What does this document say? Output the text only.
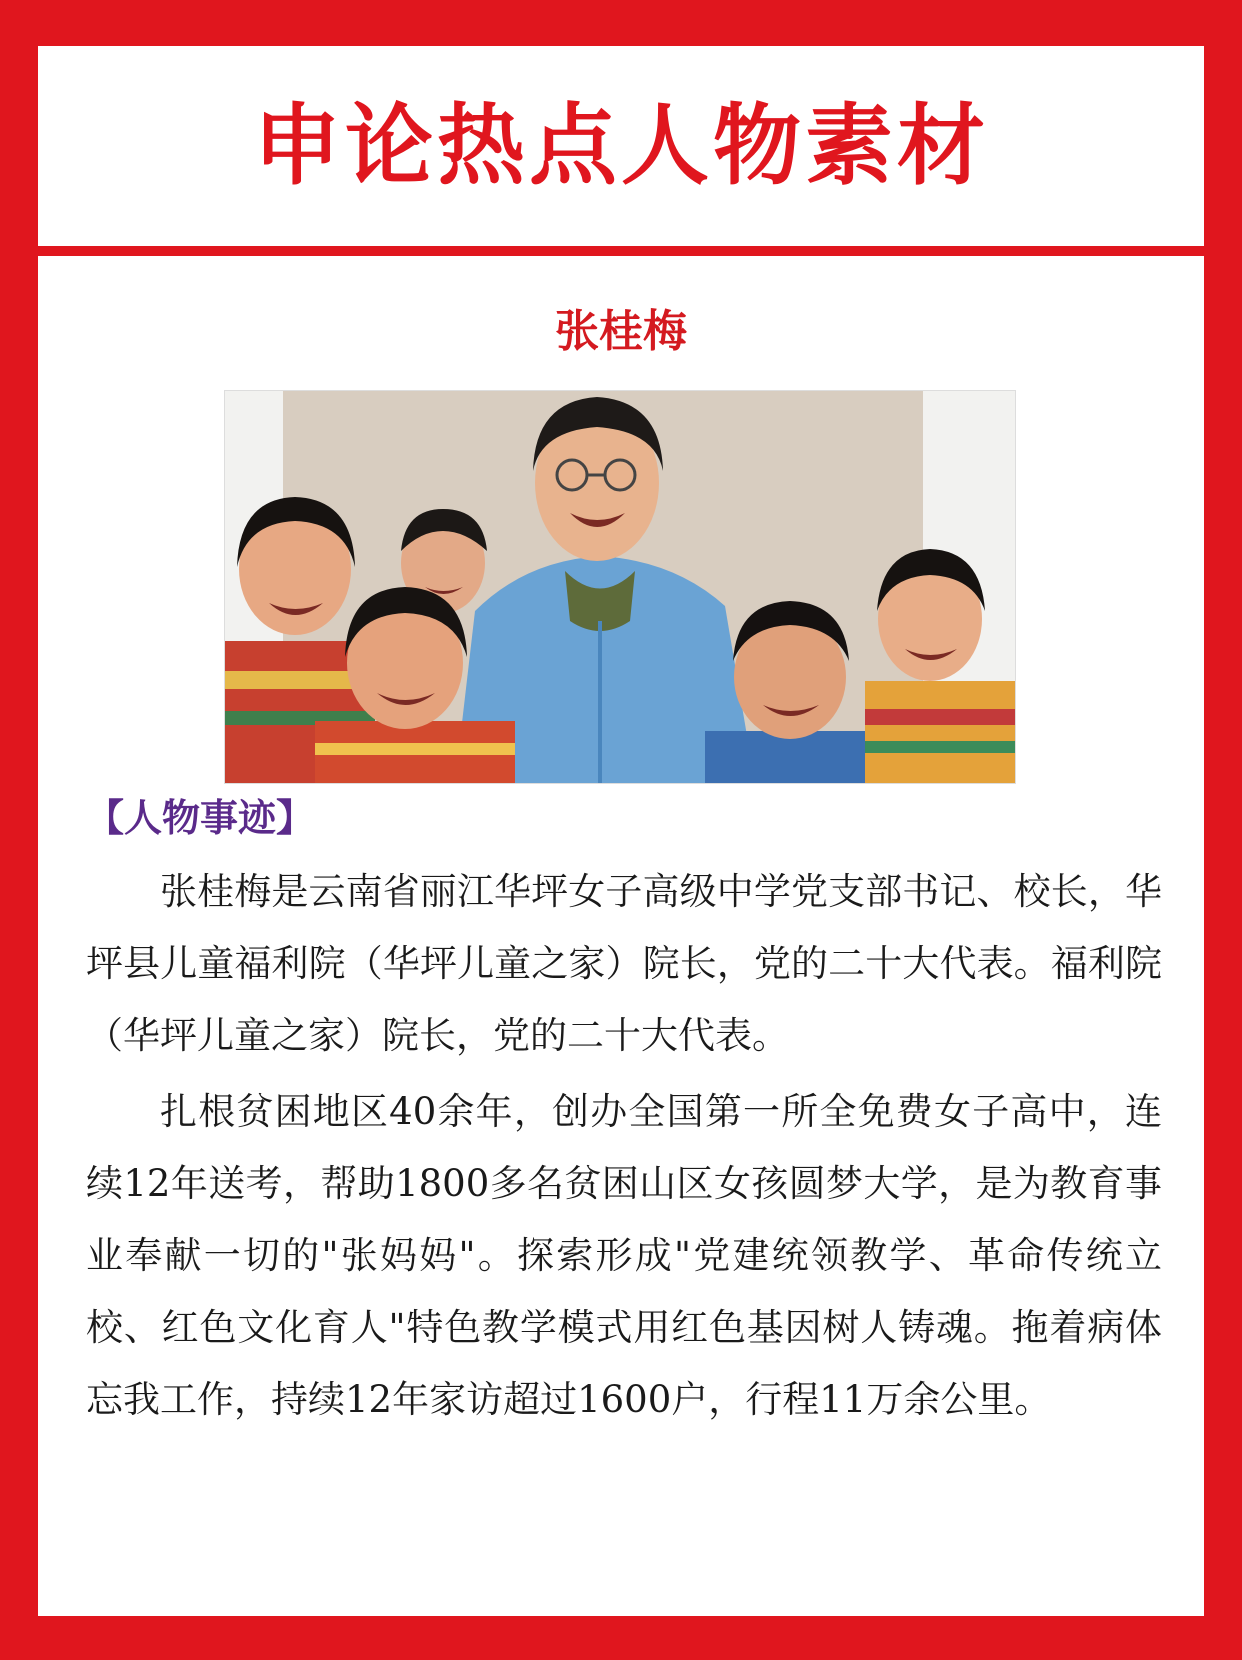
申论热点人物素材
张桂梅
【人物事迹】

张桂梅是云南省丽江华坪女子高级中学党支部书记、校长，华坪县儿童福利院（华坪儿童之家）院长，党的二十大代表。福利院（华坪儿童之家）院长，党的二十大代表。

扎根贫困地区40余年，创办全国第一所全免费女子高中，连续12年送考，帮助1800多名贫困山区女孩圆梦大学，是为教育事业奉献一切的"张妈妈"。探索形成"党建统领教学、革命传统立校、红色文化育人"特色教学模式用红色基因树人铸魂。拖着病体忘我工作，持续12年家访超过1600户，行程11万余公里。
